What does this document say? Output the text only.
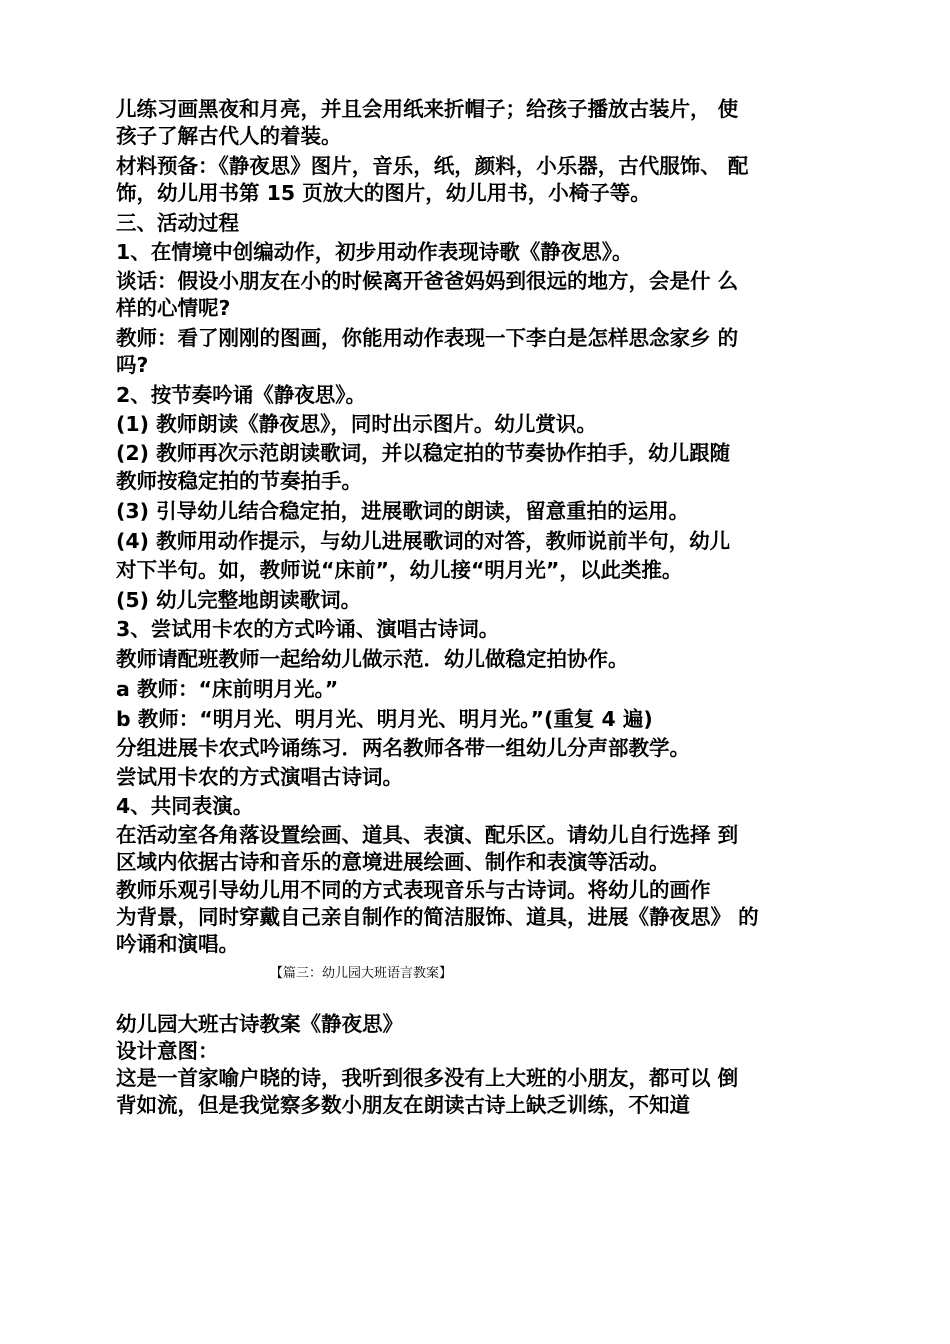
儿练习画黑夜和月亮，并且会用纸来折帽子；给孩子播放古装片， 使
孩子了解古代人的着装。
材料预备：《静夜思》图片，音乐，纸，颜料，小乐器，古代服饰、 配
饰，幼儿用书第 15 页放大的图片，幼儿用书，小椅子等。
三、活动过程
1、在情境中创编动作，初步用动作表现诗歌《静夜思》。
谈话：假设小朋友在小的时候离开爸爸妈妈到很远的地方，会是什 么
样的心情呢?
教师：看了刚刚的图画，你能用动作表现一下李白是怎样思念家乡 的
吗?
2、按节奏吟诵《静夜思》。
(1) 教师朗读《静夜思》，同时出示图片。幼儿赏识。
(2) 教师再次示范朗读歌词，并以稳定拍的节奏协作拍手，幼儿跟随
教师按稳定拍的节奏拍手。
(3) 引导幼儿结合稳定拍，进展歌词的朗读，留意重拍的运用。
(4) 教师用动作提示，与幼儿进展歌词的对答，教师说前半句，幼儿
对下半句。如，教师说“床前”，幼儿接“明月光”，以此类推。
(5) 幼儿完整地朗读歌词。
3、尝试用卡农的方式吟诵、演唱古诗词。
教师请配班教师一起给幼儿做示范．幼儿做稳定拍协作。
a 教师：“床前明月光。”
b 教师：“明月光、明月光、明月光、明月光。”(重复 4 遍)
分组进展卡农式吟诵练习．两名教师各带一组幼儿分声部教学。
尝试用卡农的方式演唱古诗词。
4、共同表演。
在活动室各角落设置绘画、道具、表演、配乐区。请幼儿自行选择 到
区域内依据古诗和音乐的意境进展绘画、制作和表演等活动。
教师乐观引导幼儿用不同的方式表现音乐与古诗词。将幼儿的画作
为背景，同时穿戴自己亲自制作的简洁服饰、道具，进展《静夜思》 的
吟诵和演唱。
【篇三：幼儿园大班语言教案】
幼儿园大班古诗教案《静夜思》
设计意图：
这是一首家喻户晓的诗，我听到很多没有上大班的小朋友，都可以 倒
背如流，但是我觉察多数小朋友在朗读古诗上缺乏训练，不知道
